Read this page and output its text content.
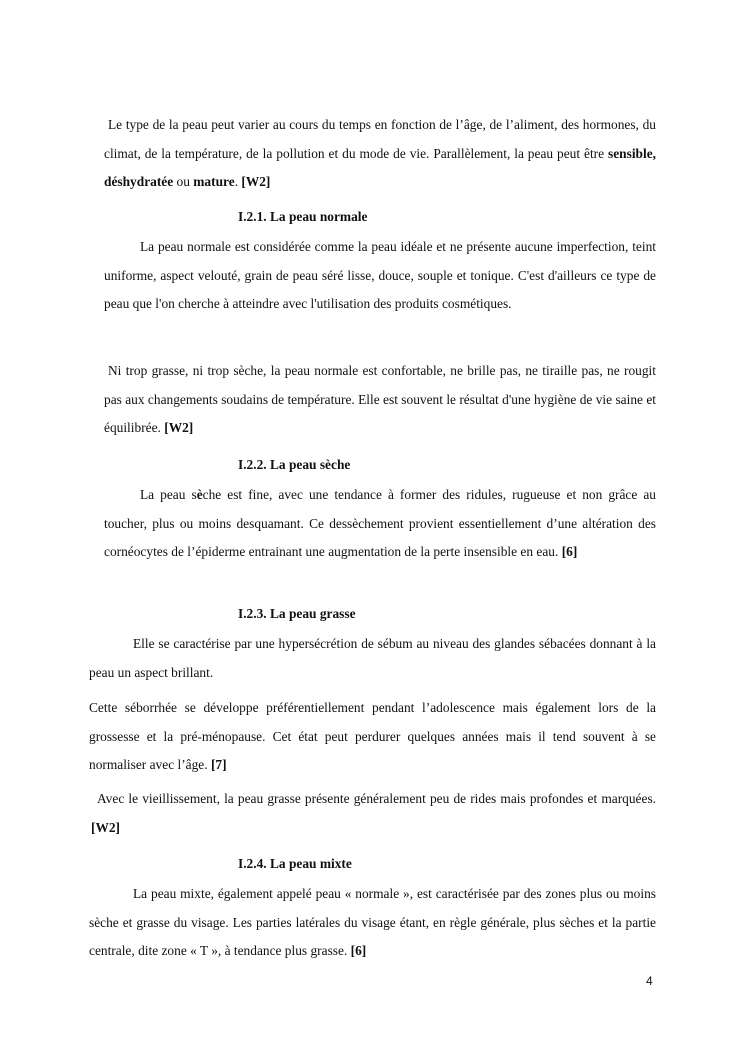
Le type de la peau peut varier au cours du temps en fonction de l’âge, de l’aliment, des hormones, du climat, de la température, de la pollution et du mode de vie. Parallèlement, la peau peut être sensible, déshydratée ou mature. [W2]

I.2.1. La peau normale

La peau normale est considérée comme la peau idéale et ne présente aucune imperfection, teint uniforme, aspect velouté, grain de peau séré lisse, douce, souple et tonique. C'est d'ailleurs ce type de peau que l'on cherche à atteindre avec l'utilisation des produits cosmétiques.

Ni trop grasse, ni trop sèche, la peau normale est confortable, ne brille pas, ne tiraille pas, ne rougit pas aux changements soudains de température. Elle est souvent le résultat d'une hygiène de vie saine et équilibrée. [W2]

I.2.2. La peau sèche

La peau sèche est fine, avec une tendance à former des ridules, rugueuse et non grâce au toucher, plus ou moins desquamant. Ce dessèchement provient essentiellement d’une altération des cornéocytes de l’épiderme entrainant une augmentation de la perte insensible en eau. [6]

I.2.3. La peau grasse

Elle se caractérise par une hypersécrétion de sébum au niveau des glandes sébacées donnant à la peau un aspect brillant.

Cette séborrhée se développe préférentiellement pendant l’adolescence mais également lors de la grossesse et la pré-ménopause. Cet état peut perdurer quelques années mais il tend souvent à se normaliser avec l’âge. [7]

Avec le vieillissement, la peau grasse présente généralement peu de rides mais profondes et marquées. [W2]

I.2.4. La peau mixte

La peau mixte, également appelé peau « normale », est caractérisée par des zones plus ou moins sèche et grasse du visage. Les parties latérales du visage étant, en règle générale, plus sèches et la partie centrale, dite zone « T », à tendance plus grasse. [6]

4
